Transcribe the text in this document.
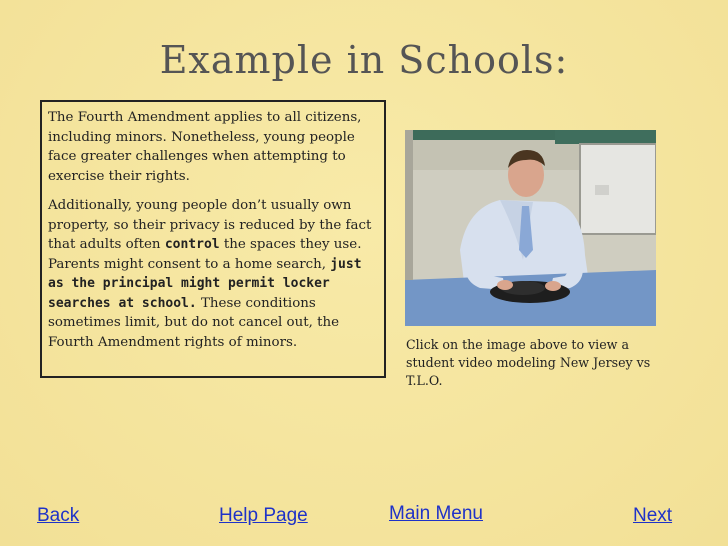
Example in Schools:

The Fourth Amendment applies to all citizens, including minors. Nonetheless, young people face greater challenges when attempting to exercise their rights.

Additionally, young people don’t usually own property, so their privacy is reduced by the fact that adults often control the spaces they use. Parents might consent to a home search, just as the principal might permit locker searches at school. These conditions sometimes limit, but do not cancel out, the Fourth Amendment rights of minors.	Click on the image above to view a student video modeling New Jersey vs T.L.O.
Back	Help Page	Main Menu	Next
